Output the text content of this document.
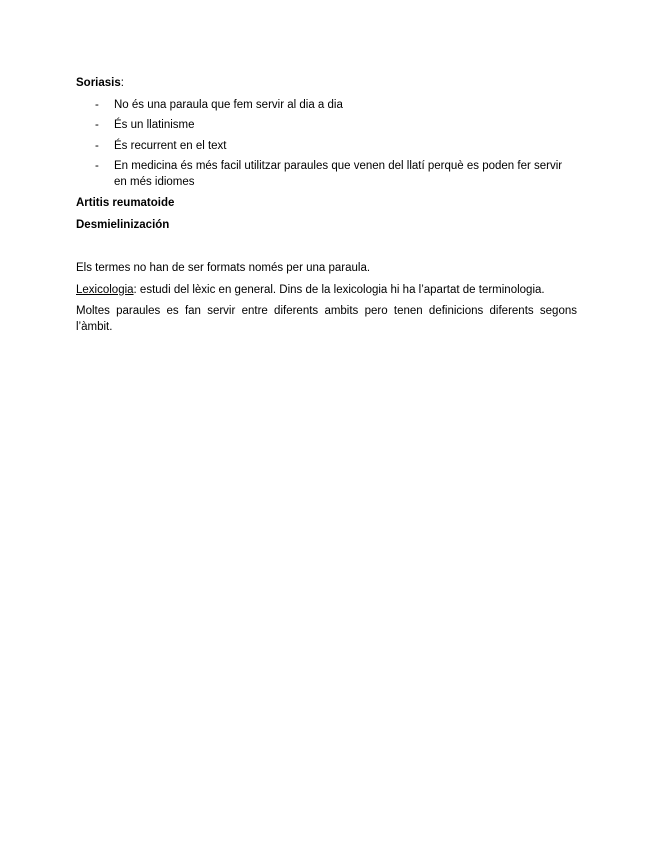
Soriasis:
- No és una paraula que fem servir al dia a dia
- És un llatinisme
- És recurrent en el text
- En medicina és més facil utilitzar paraules que venen del llatí perquè es poden fer servir en més idiomes
Artitis reumatoide
Desmielinización

Els termes no han de ser formats només per una paraula.

Lexicologia: estudi del lèxic en general. Dins de la lexicologia hi ha l’apartat de terminologia.

Moltes paraules es fan servir entre diferents ambits pero tenen definicions diferents segons l’àmbit.
